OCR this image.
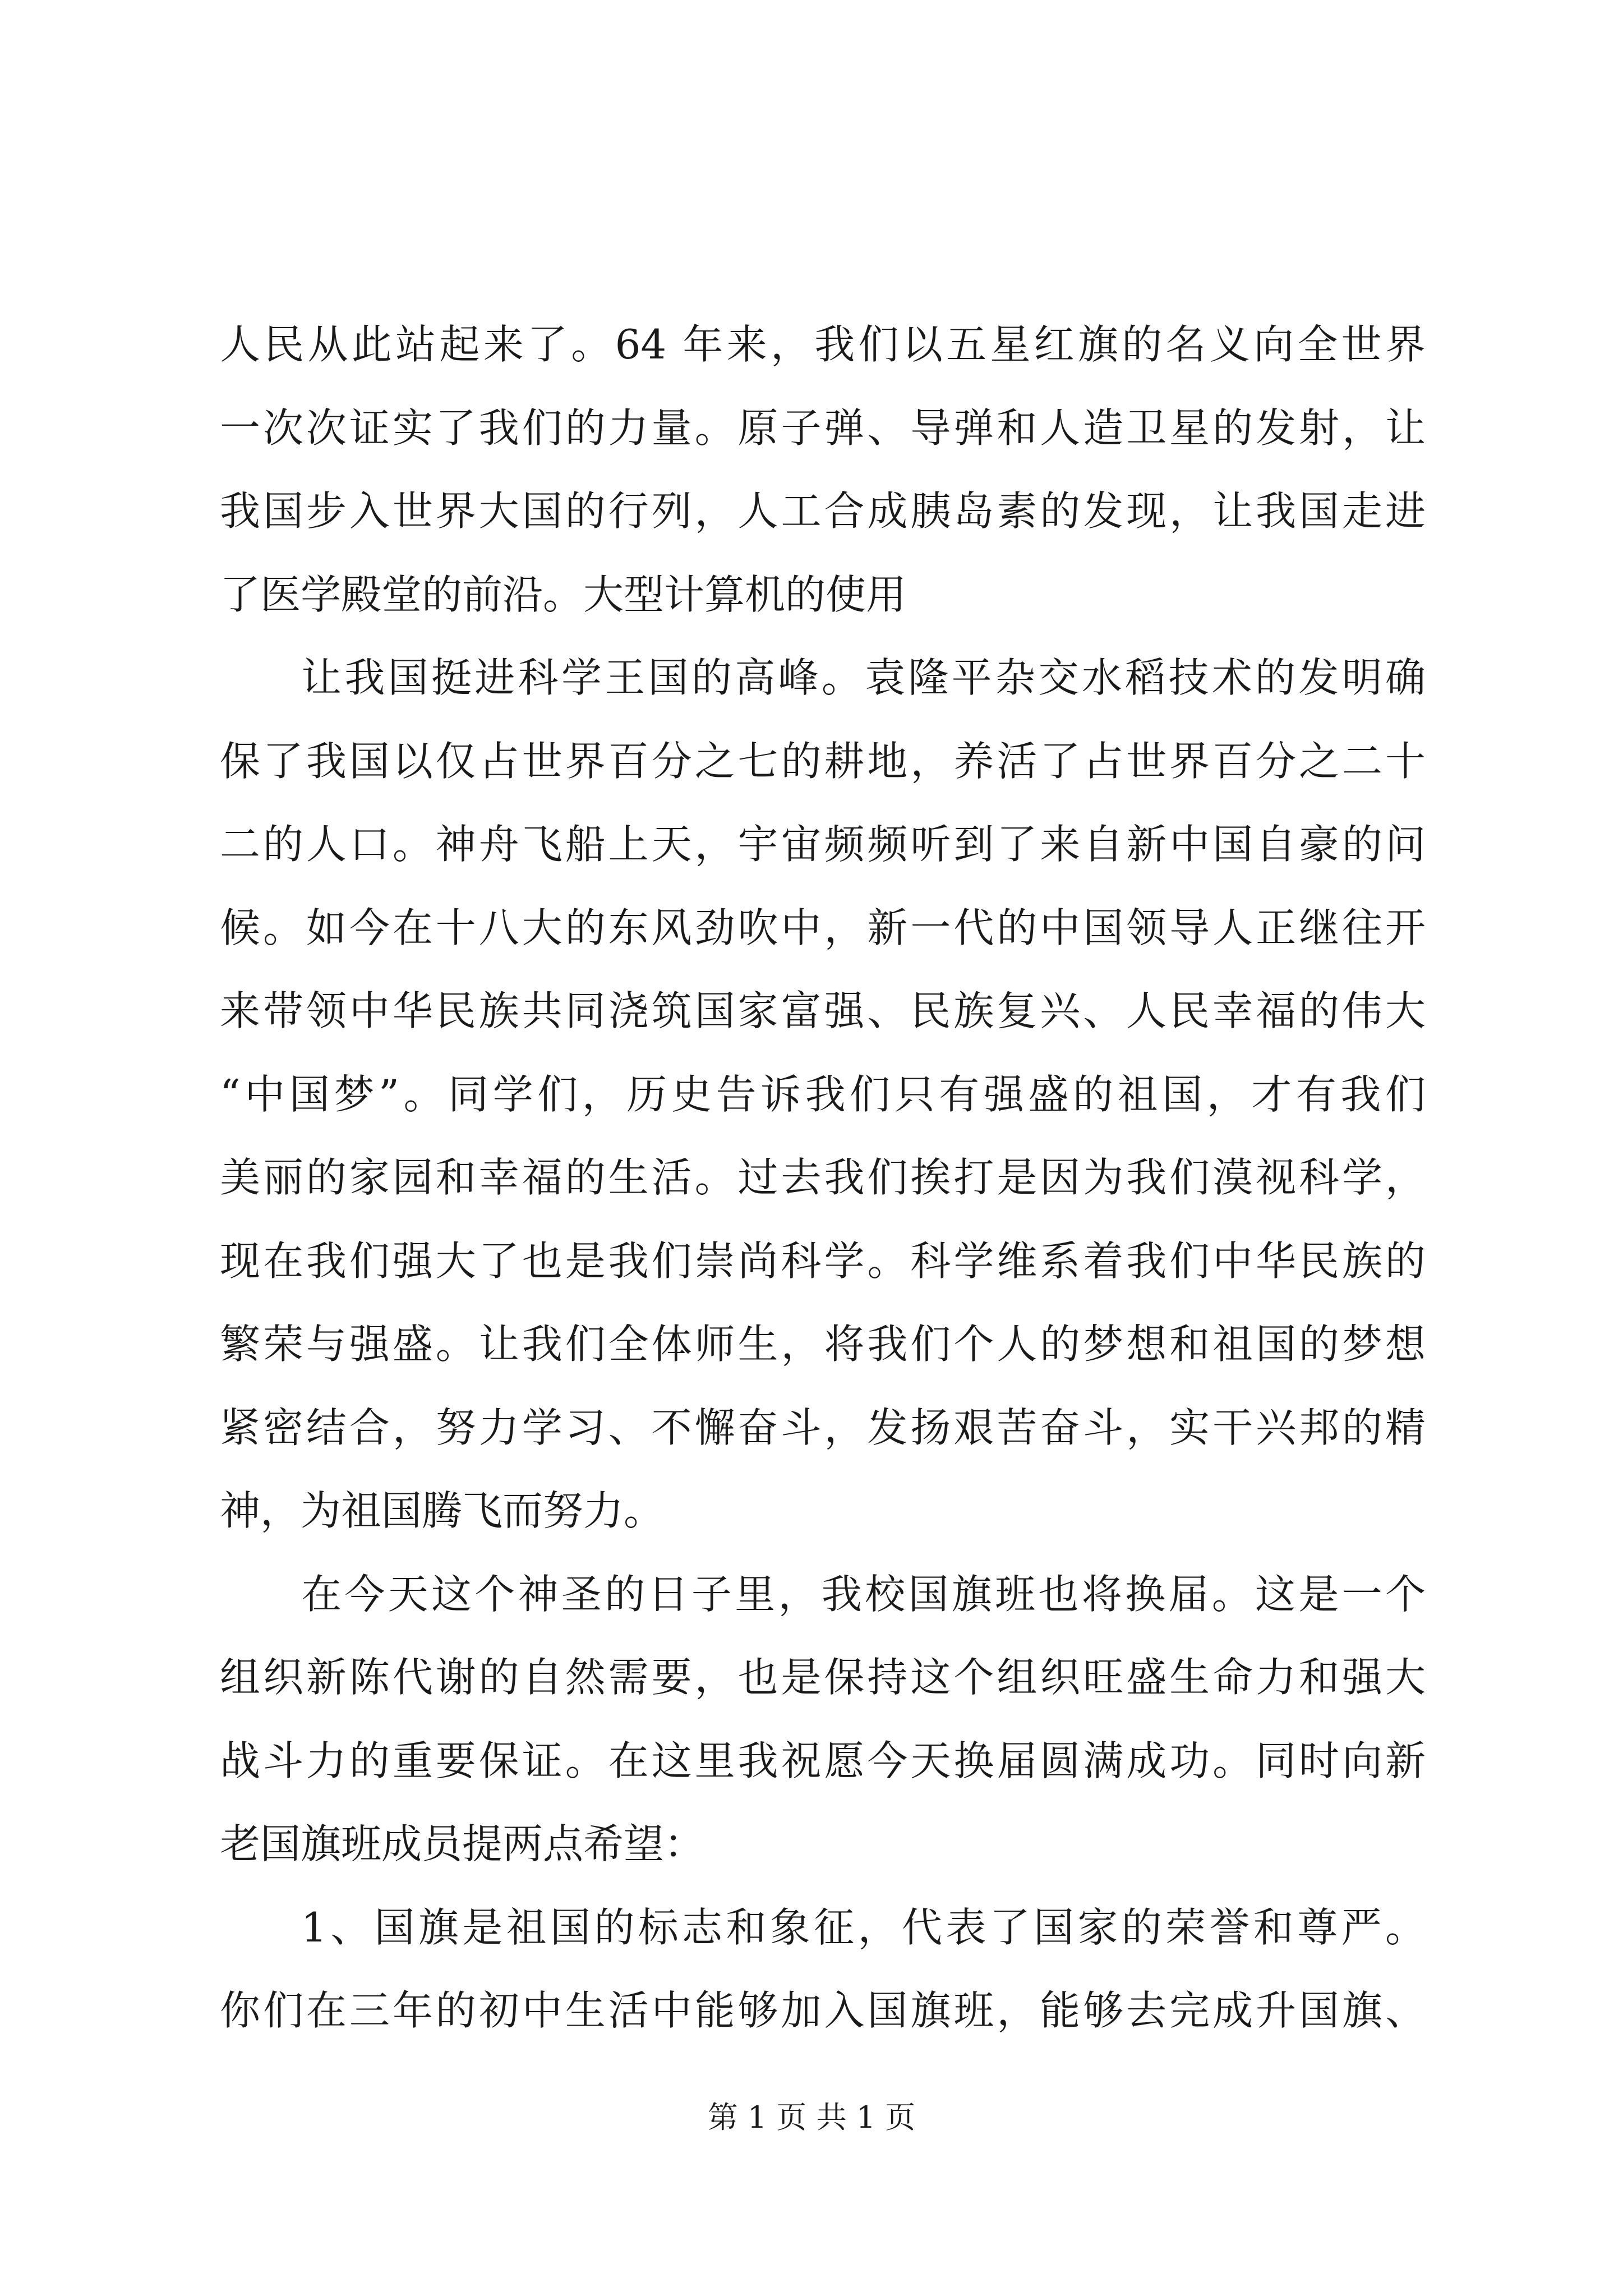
人民从此站起来了。64 年来，我们以五星红旗的名义向全世界
一次次证实了我们的力量。原子弹、导弹和人造卫星的发射，让
我国步入世界大国的行列，人工合成胰岛素的发现，让我国走进
了医学殿堂的前沿。大型计算机的使用
让我国挺进科学王国的高峰。袁隆平杂交水稻技术的发明确
保了我国以仅占世界百分之七的耕地，养活了占世界百分之二十
二的人口。神舟飞船上天，宇宙频频听到了来自新中国自豪的问
候。如今在十八大的东风劲吹中，新一代的中国领导人正继往开
来带领中华民族共同浇筑国家富强、民族复兴、人民幸福的伟大
“中国梦”。同学们，历史告诉我们只有强盛的祖国，才有我们
美丽的家园和幸福的生活。过去我们挨打是因为我们漠视科学，
现在我们强大了也是我们崇尚科学。科学维系着我们中华民族的
繁荣与强盛。让我们全体师生，将我们个人的梦想和祖国的梦想
紧密结合，努力学习、不懈奋斗，发扬艰苦奋斗，实干兴邦的精
神，为祖国腾飞而努力。
在今天这个神圣的日子里，我校国旗班也将换届。这是一个
组织新陈代谢的自然需要，也是保持这个组织旺盛生命力和强大
战斗力的重要保证。在这里我祝愿今天换届圆满成功。同时向新
老国旗班成员提两点希望：
1、国旗是祖国的标志和象征，代表了国家的荣誉和尊严。
你们在三年的初中生活中能够加入国旗班，能够去完成升国旗、
第 1 页 共 1 页
